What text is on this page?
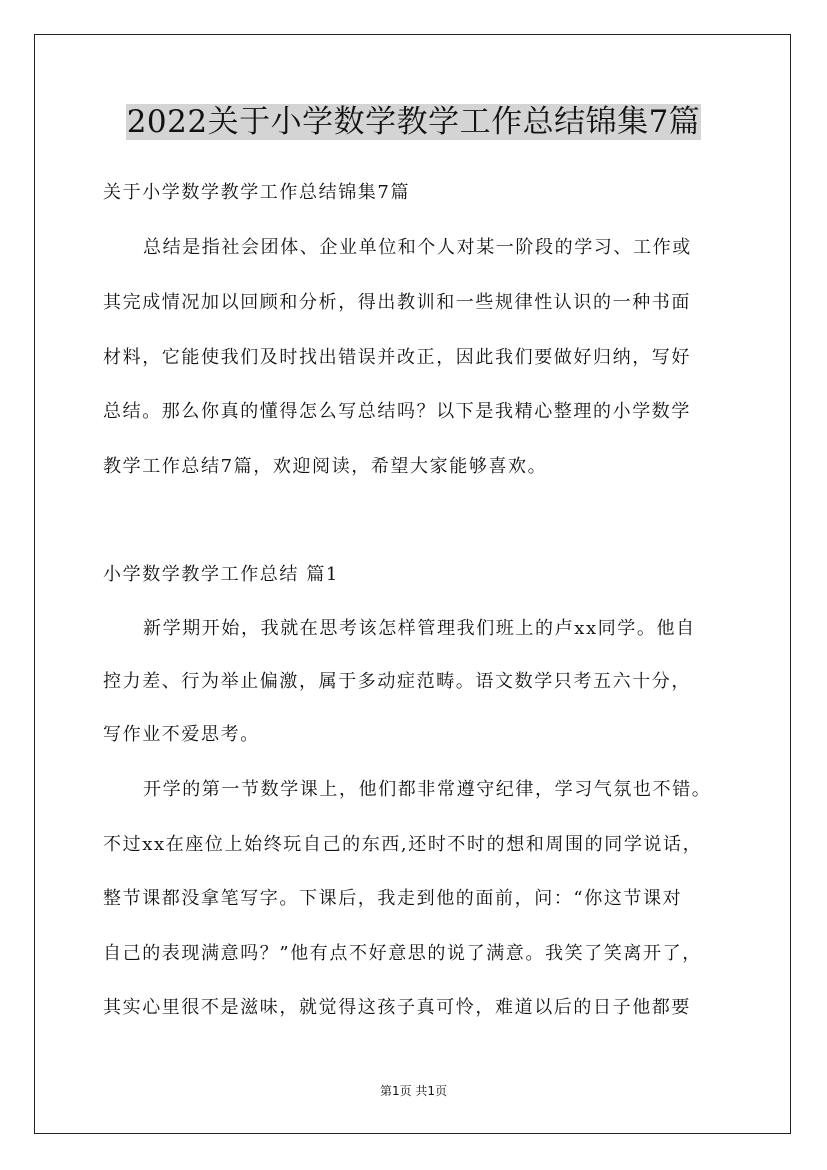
2022关于小学数学教学工作总结锦集7篇
关于小学数学教学工作总结锦集7篇
总结是指社会团体、企业单位和个人对某一阶段的学习、工作或
其完成情况加以回顾和分析，得出教训和一些规律性认识的一种书面
材料，它能使我们及时找出错误并改正，因此我们要做好归纳，写好
总结。那么你真的懂得怎么写总结吗？以下是我精心整理的小学数学
教学工作总结7篇，欢迎阅读，希望大家能够喜欢。
小学数学教学工作总结 篇1
新学期开始，我就在思考该怎样管理我们班上的卢xx同学。他自
控力差、行为举止偏激，属于多动症范畴。语文数学只考五六十分，
写作业不爱思考。
开学的第一节数学课上，他们都非常遵守纪律，学习气氛也不错。
不过xx在座位上始终玩自己的东西,还时不时的想和周围的同学说话，
整节课都没拿笔写字。下课后，我走到他的面前，问：“你这节课对
自己的表现满意吗？”他有点不好意思的说了满意。我笑了笑离开了，
其实心里很不是滋味，就觉得这孩子真可怜，难道以后的日子他都要
第1页 共1页
